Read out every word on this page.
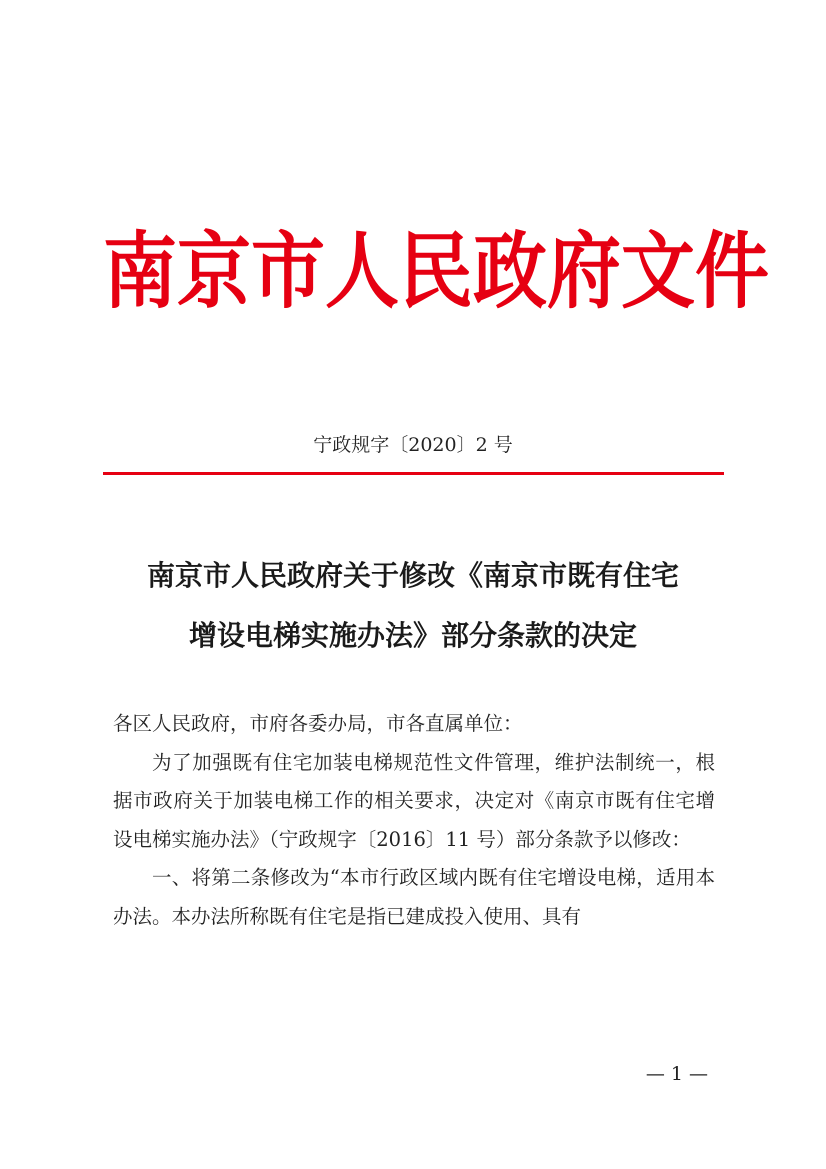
南京市人民政府文件
宁政规字〔2020〕2 号
南京市人民政府关于修改《南京市既有住宅
增设电梯实施办法》部分条款的决定

各区人民政府，市府各委办局，市各直属单位：

为了加强既有住宅加装电梯规范性文件管理，维护法制统一，根据市政府关于加装电梯工作的相关要求，决定对《南京市既有住宅增设电梯实施办法》（宁政规字〔2016〕11 号）部分条款予以修改：

一、将第二条修改为“本市行政区域内既有住宅增设电梯，适用本办法。本办法所称既有住宅是指已建成投入使用、具有

— 1 —
